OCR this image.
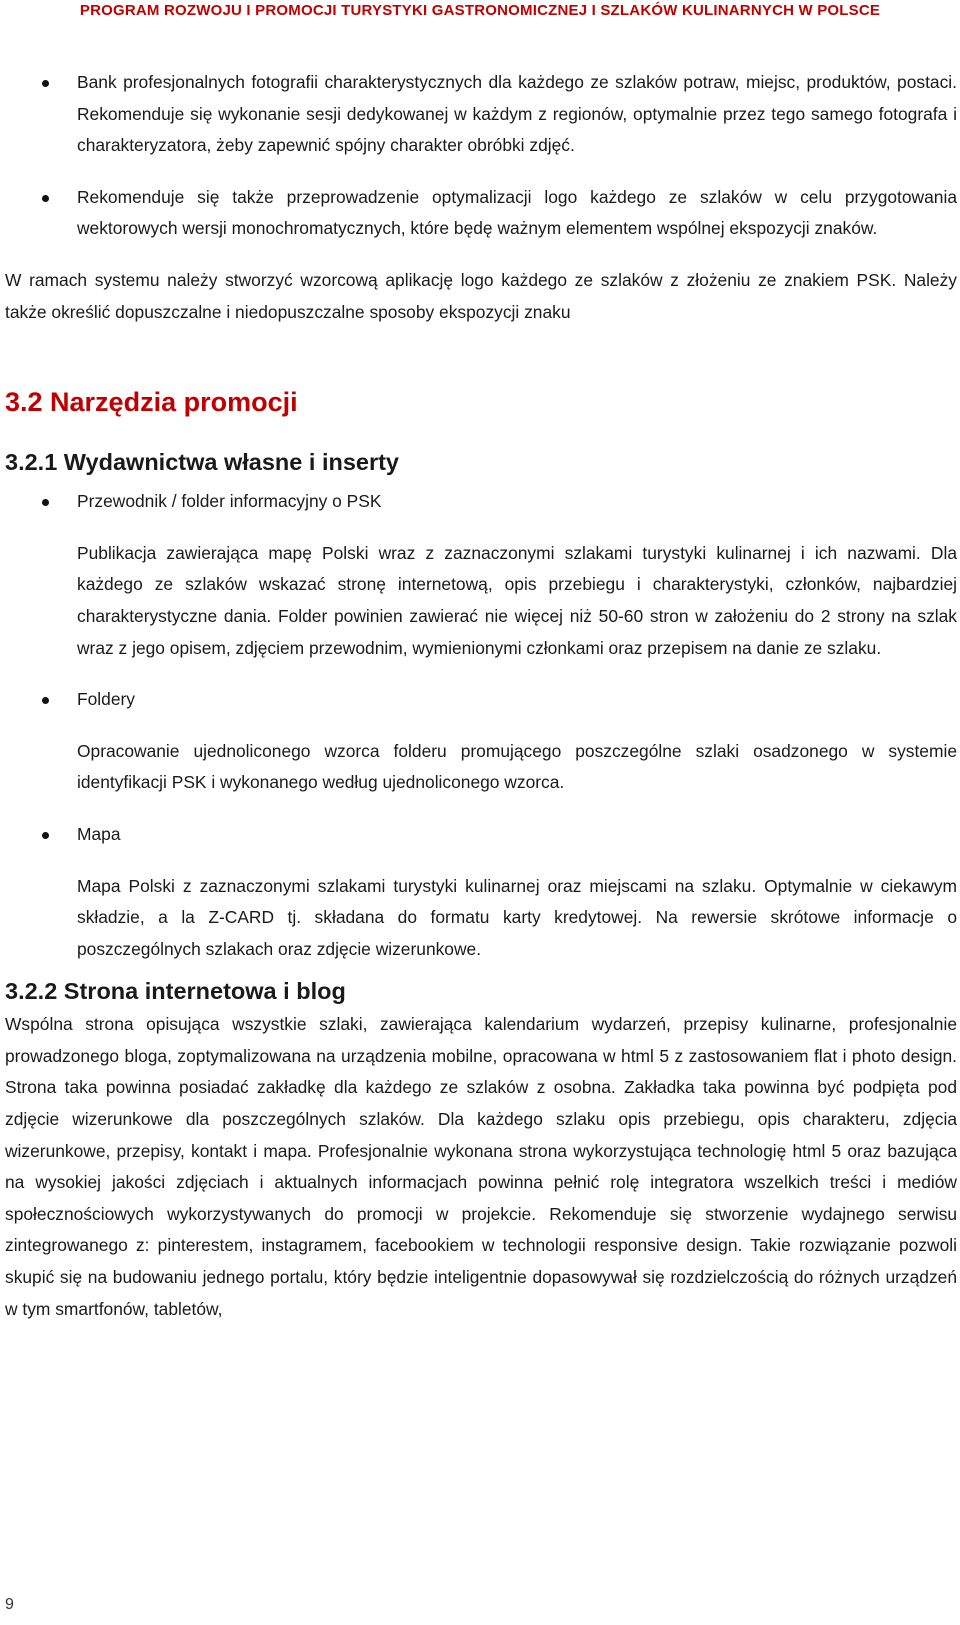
PROGRAM ROZWOJU I PROMOCJI TURYSTYKI GASTRONOMICZNEJ I SZLAKÓW KULINARNYCH W POLSCE

Bank profesjonalnych fotografii charakterystycznych dla każdego ze szlaków potraw, miejsc, produktów, postaci. Rekomenduje się wykonanie sesji dedykowanej w każdym z regionów, optymalnie przez tego samego fotografa i charakteryzatora, żeby zapewnić spójny charakter obróbki zdjęć.

Rekomenduje się także przeprowadzenie optymalizacji logo każdego ze szlaków w celu przygotowania wektorowych wersji monochromatycznych, które będę ważnym elementem wspólnej ekspozycji znaków.

W ramach systemu należy stworzyć wzorcową aplikację logo każdego ze szlaków z złożeniu ze znakiem PSK. Należy także określić dopuszczalne i niedopuszczalne sposoby ekspozycji znaku

3.2 Narzędzia promocji
3.2.1 Wydawnictwa własne i inserty

Przewodnik / folder informacyjny o PSK

Publikacja zawierająca mapę Polski wraz z zaznaczonymi szlakami turystyki kulinarnej i ich nazwami. Dla każdego ze szlaków wskazać stronę internetową, opis przebiegu i charakterystyki, członków, najbardziej charakterystyczne dania. Folder powinien zawierać nie więcej niż 50-60 stron w założeniu do 2 strony na szlak wraz z jego opisem, zdjęciem przewodnim, wymienionymi członkami oraz przepisem na danie ze szlaku.

Foldery

Opracowanie ujednoliconego wzorca folderu promującego poszczególne szlaki osadzonego w systemie identyfikacji PSK i wykonanego według ujednoliconego wzorca.

Mapa

Mapa Polski z zaznaczonymi szlakami turystyki kulinarnej oraz miejscami na szlaku. Optymalnie w ciekawym składzie, a la Z-CARD tj. składana do formatu karty kredytowej. Na rewersie skrótowe informacje o poszczególnych szlakach oraz zdjęcie wizerunkowe.

3.2.2 Strona internetowa i blog

Wspólna strona opisująca wszystkie szlaki, zawierająca kalendarium wydarzeń, przepisy kulinarne, profesjonalnie prowadzonego bloga, zoptymalizowana na urządzenia mobilne, opracowana w html 5 z zastosowaniem flat i photo design. Strona taka powinna posiadać zakładkę dla każdego ze szlaków z osobna. Zakładka taka powinna być podpięta pod zdjęcie wizerunkowe dla poszczególnych szlaków. Dla każdego szlaku opis przebiegu, opis charakteru, zdjęcia wizerunkowe, przepisy, kontakt i mapa. Profesjonalnie wykonana strona wykorzystująca technologię html 5 oraz bazująca na wysokiej jakości zdjęciach i aktualnych informacjach powinna pełnić rolę integratora wszelkich treści i mediów społecznościowych wykorzystywanych do promocji w projekcie. Rekomenduje się stworzenie wydajnego serwisu zintegrowanego z: pinterestem, instagramem, facebookiem w technologii responsive design. Takie rozwiązanie pozwoli skupić się na budowaniu jednego portalu, który będzie inteligentnie dopasowywał się rozdzielczością do różnych urządzeń w tym smartfonów, tabletów,

9
